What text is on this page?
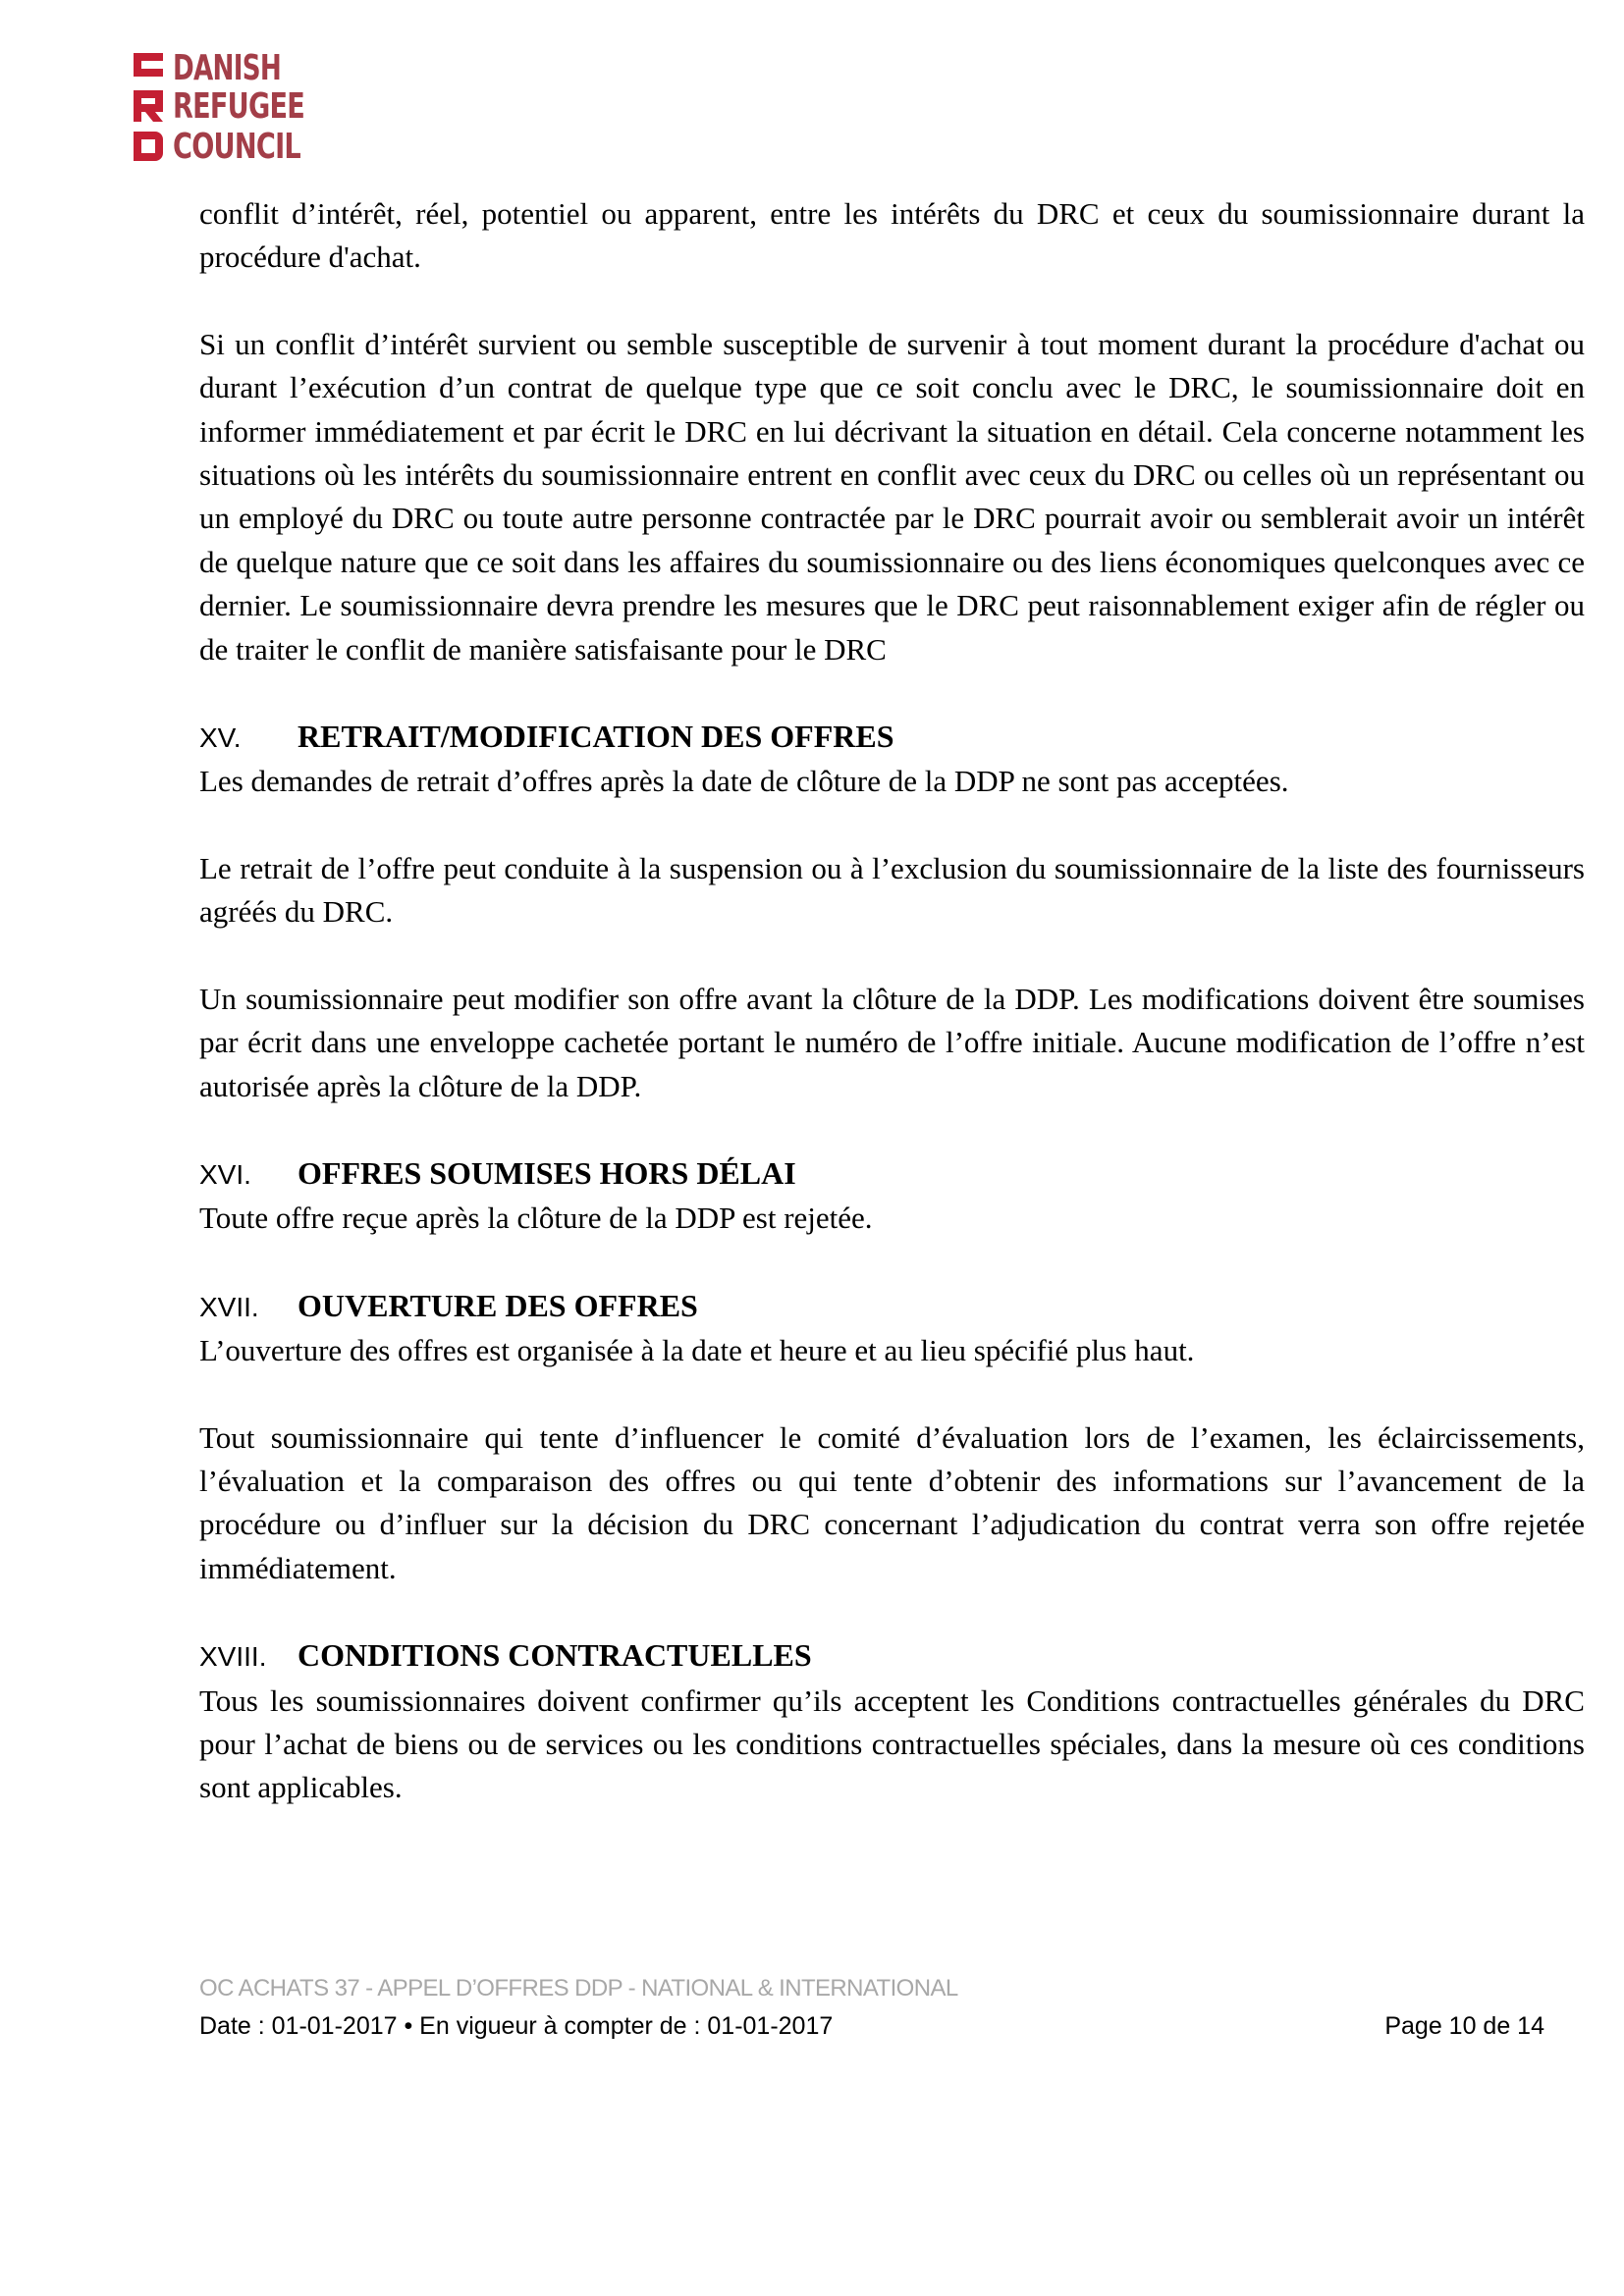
DANISH
REFUGEE
COUNCIL

conflit d’intérêt, réel, potentiel ou apparent, entre les intérêts du DRC et ceux du soumissionnaire durant la procédure d'achat.

Si un conflit d’intérêt survient ou semble susceptible de survenir à tout moment durant la procédure d'achat ou durant l’exécution d’un contrat de quelque type que ce soit conclu avec le DRC, le soumissionnaire doit en informer immédiatement et par écrit le DRC en lui décrivant la situation en détail. Cela concerne notamment les situations où les intérêts du soumissionnaire entrent en conflit avec ceux du DRC ou celles où un représentant ou un employé du DRC ou toute autre personne contractée par le DRC pourrait avoir ou semblerait avoir un intérêt de quelque nature que ce soit dans les affaires du soumissionnaire ou des liens économiques quelconques avec ce dernier. Le soumissionnaire devra prendre les mesures que le DRC peut raisonnablement exiger afin de régler ou de traiter le conflit de manière satisfaisante pour le DRC

XV.	RETRAIT/MODIFICATION DES OFFRES

Les demandes de retrait d’offres après la date de clôture de la DDP ne sont pas acceptées.

Le retrait de l’offre peut conduite à la suspension ou à l’exclusion du soumissionnaire de la liste des fournisseurs agréés du DRC.

Un soumissionnaire peut modifier son offre avant la clôture de la DDP. Les modifications doivent être soumises par écrit dans une enveloppe cachetée portant le numéro de l’offre initiale. Aucune modification de l’offre n’est autorisée après la clôture de la DDP.

XVI.	OFFRES SOUMISES HORS DÉLAI

Toute offre reçue après la clôture de la DDP est rejetée.

XVII.	OUVERTURE DES OFFRES

L’ouverture des offres est organisée à la date et heure et au lieu spécifié plus haut.

Tout soumissionnaire qui tente d’influencer le comité d’évaluation lors de l’examen, les éclaircissements, l’évaluation et la comparaison des offres ou qui tente d’obtenir des informations sur l’avancement de la procédure ou d’influer sur la décision du DRC concernant l’adjudication du contrat verra son offre rejetée immédiatement.

XVIII. CONDITIONS CONTRACTUELLES

Tous les soumissionnaires doivent confirmer qu’ils acceptent les Conditions contractuelles générales du DRC pour l’achat de biens ou de services ou les conditions contractuelles spéciales, dans la mesure où ces conditions sont applicables.

OC ACHATS 37 - APPEL D’OFFRES DDP - NATIONAL & INTERNATIONAL
Date : 01-01-2017 • En vigueur à compter de : 01-01-2017	Page 10 de 14
